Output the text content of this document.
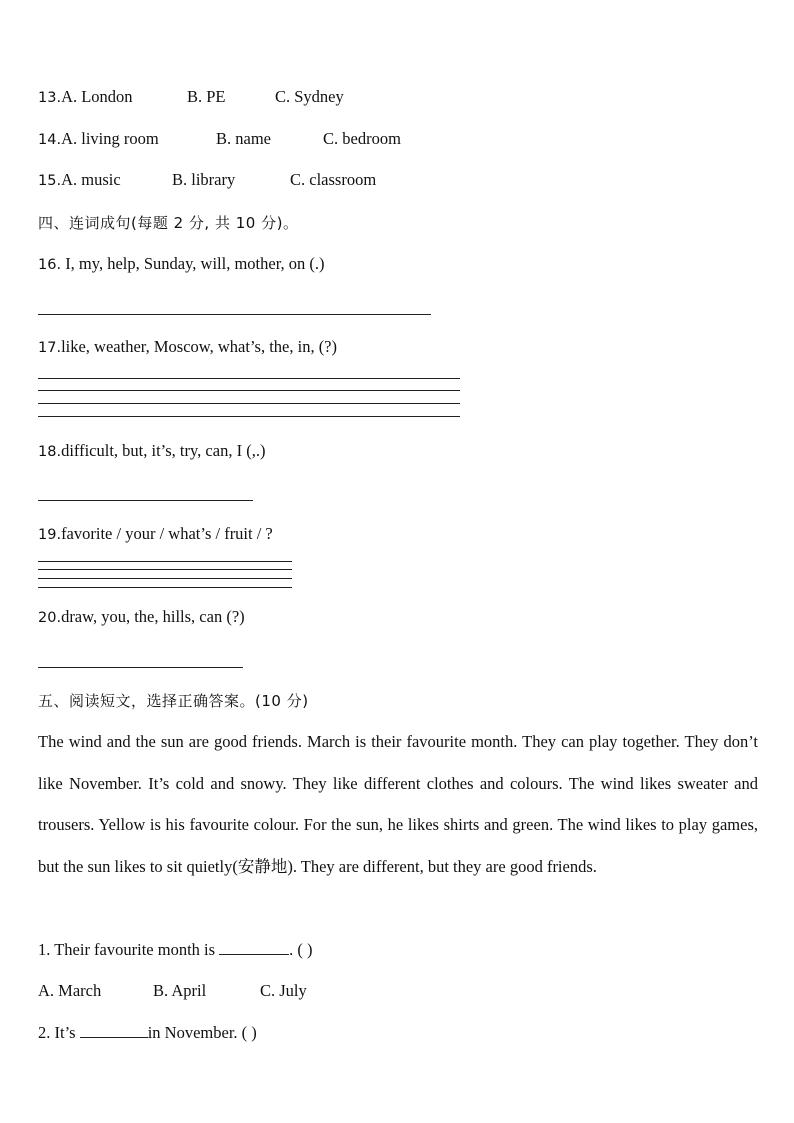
13.A. London	B. PE	C. Sydney
14.A. living room	B. name	C. bedroom
15.A. music	B. library	C. classroom
四、连词成句(每题 2 分, 共 10 分)。
16. I, my, help, Sunday, will, mother, on (.)
17.like, weather, Moscow, what’s, the, in, (?)
18.difficult, but, it’s, try, can, I (,.)
19.favorite / your / what’s / fruit / ?
20.draw, you, the, hills, can (?)
五、阅读短文，选择正确答案。(10 分)
The wind and the sun are good friends. March is their favourite month. They can play together. They don’t like November. It’s cold and snowy. They like different clothes and colours. The wind likes sweater and trousers. Yellow is his favourite colour. For the sun, he likes shirts and green. The wind likes to play games, but the sun likes to sit quietly(安静地). They are different, but they are good friends.
1. Their favourite month is	. ( )
A. March	B. April	C. July
2. It’s	in November. ( )
